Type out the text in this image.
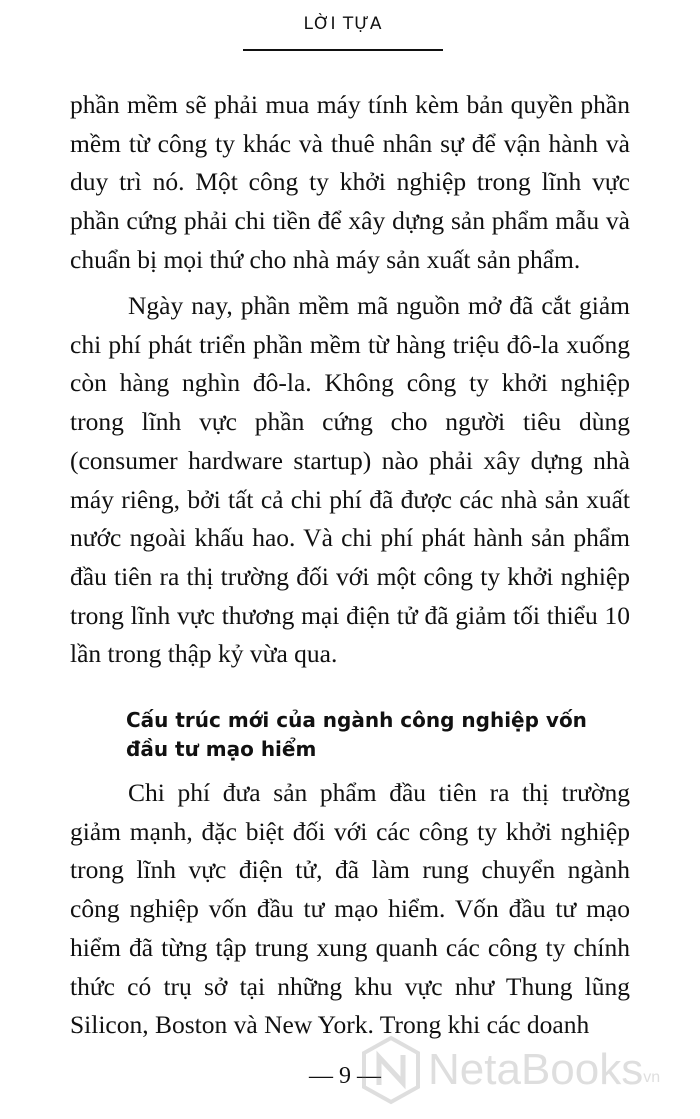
LỜI TỰA

phần mềm sẽ phải mua máy tính kèm bản quyền phần mềm từ công ty khác và thuê nhân sự để vận hành và duy trì nó. Một công ty khởi nghiệp trong lĩnh vực phần cứng phải chi tiền để xây dựng sản phẩm mẫu và chuẩn bị mọi thứ cho nhà máy sản xuất sản phẩm.

Ngày nay, phần mềm mã nguồn mở đã cắt giảm chi phí phát triển phần mềm từ hàng triệu đô-la xuống còn hàng nghìn đô-la. Không công ty khởi nghiệp trong lĩnh vực phần cứng cho người tiêu dùng (consumer hardware startup) nào phải xây dựng nhà máy riêng, bởi tất cả chi phí đã được các nhà sản xuất nước ngoài khấu hao. Và chi phí phát hành sản phẩm đầu tiên ra thị trường đối với một công ty khởi nghiệp trong lĩnh vực thương mại điện tử đã giảm tối thiểu 10 lần trong thập kỷ vừa qua.

Cấu trúc mới của ngành công nghiệp vốn đầu tư mạo hiểm

Chi phí đưa sản phẩm đầu tiên ra thị trường giảm mạnh, đặc biệt đối với các công ty khởi nghiệp trong lĩnh vực điện tử, đã làm rung chuyển ngành công nghiệp vốn đầu tư mạo hiểm. Vốn đầu tư mạo hiểm đã từng tập trung xung quanh các công ty chính thức có trụ sở tại những khu vực như Thung lũng Silicon, Boston và New York. Trong khi các doanh

— 9 — NetaBooks vn
